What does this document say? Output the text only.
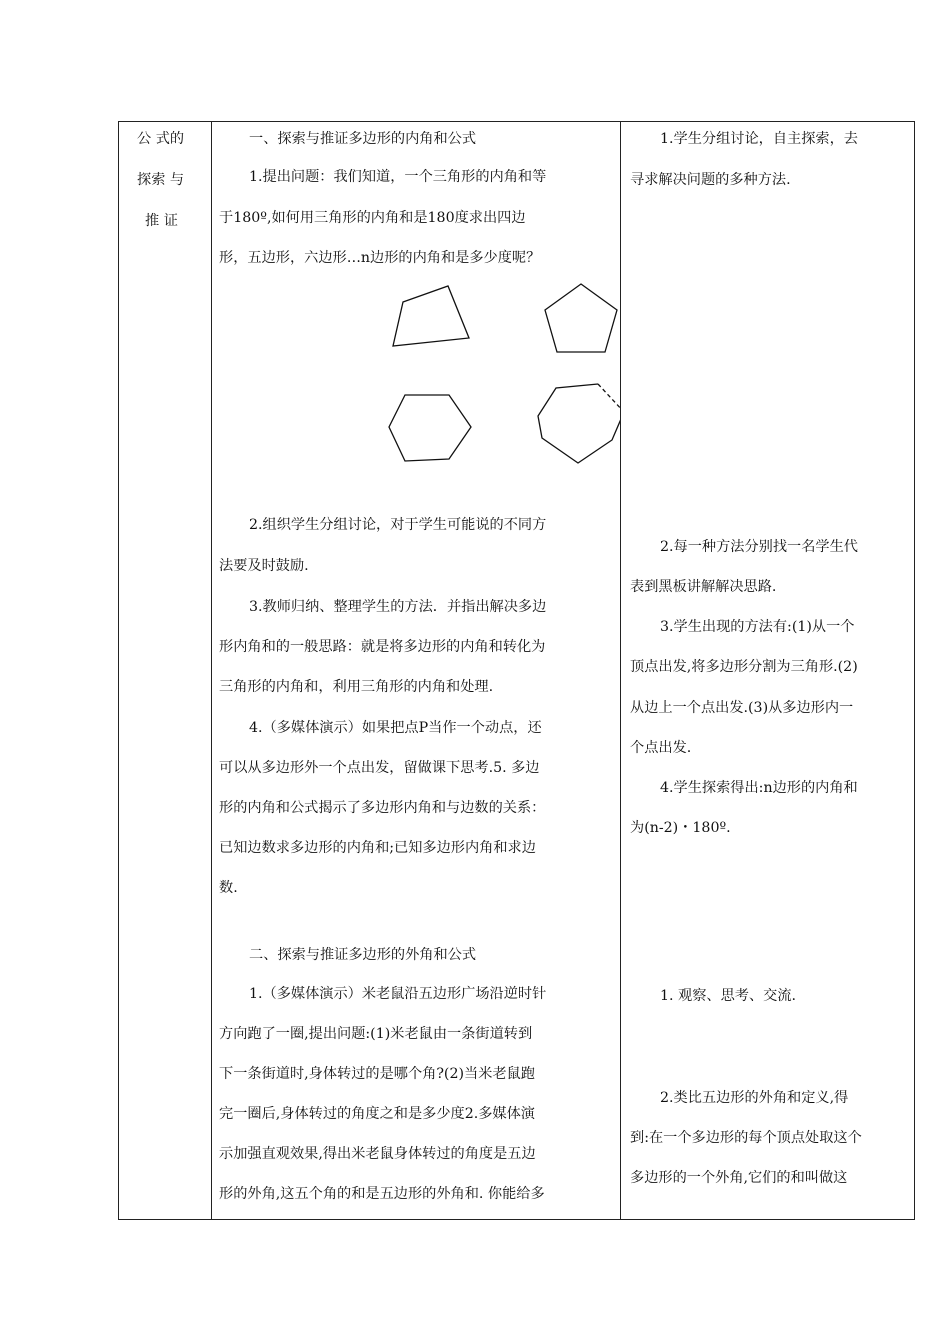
公 式的
探索 与
推 证
一、探索与推证多边形的内角和公式
1.提出问题：我们知道，一个三角形的内角和等
于180º,如何用三角形的内角和是180度求出四边
形，五边形，六边形…n边形的内角和是多少度呢？
2.组织学生分组讨论，对于学生可能说的不同方
法要及时鼓励.
3.教师归纳、整理学生的方法．并指出解决多边
形内角和的一般思路：就是将多边形的内角和转化为
三角形的内角和，利用三角形的内角和处理.
4.（多媒体演示）如果把点P当作一个动点，还
可以从多边形外一个点出发，留做课下思考.5. 多边
形的内角和公式揭示了多边形内角和与边数的关系：
已知边数求多边形的内角和;已知多边形内角和求边
数.
二、探索与推证多边形的外角和公式
1.（多媒体演示）米老鼠沿五边形广场沿逆时针
方向跑了一圈,提出问题:(1)米老鼠由一条街道转到
下一条街道时,身体转过的是哪个角?(2)当米老鼠跑
完一圈后,身体转过的角度之和是多少度2.多媒体演
示加强直观效果,得出米老鼠身体转过的角度是五边
形的外角,这五个角的和是五边形的外角和. 你能给多
1.学生分组讨论，自主探索，去
寻求解决问题的多种方法.
2.每一种方法分别找一名学生代
表到黑板讲解解决思路.
3.学生出现的方法有:(1)从一个
顶点出发,将多边形分割为三角形.(2)
从边上一个点出发.(3)从多边形内一
个点出发.
4.学生探索得出:n边形的内角和
为(n-2)・180º.
1. 观察、思考、交流.
2.类比五边形的外角和定义,得
到:在一个多边形的每个顶点处取这个
多边形的一个外角,它们的和叫做这
